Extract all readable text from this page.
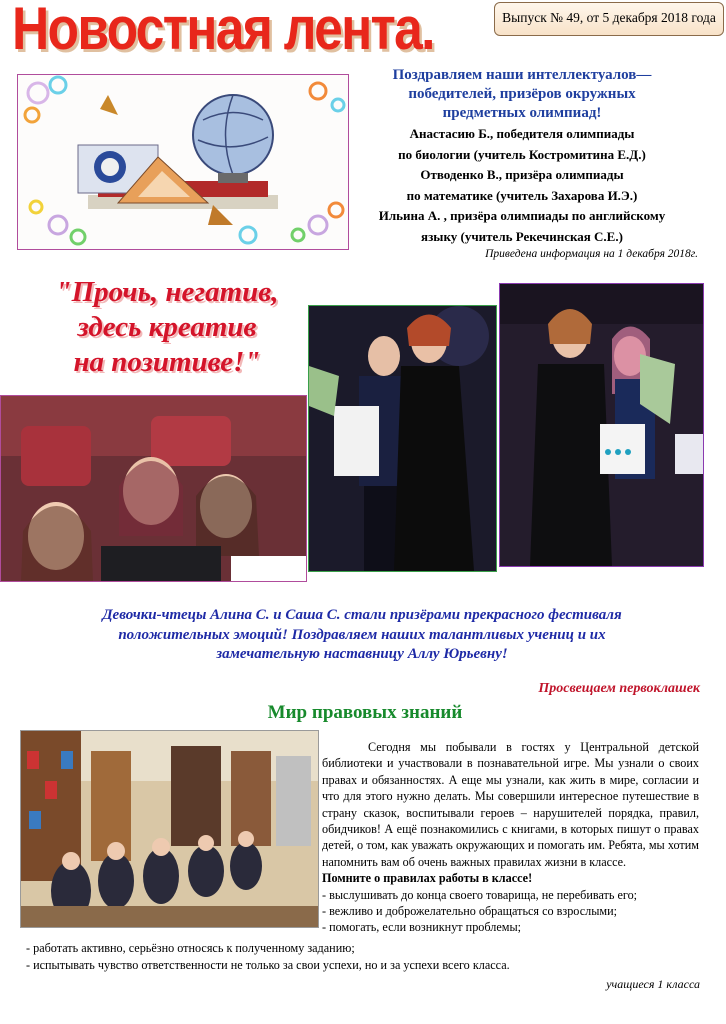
Новостная лента.	Выпуск № 49, от 5 декабря 2018 года
Поздравляем наши интеллектуалов—
победителей, призёров окружных
предметных олимпиад!
Анастасию Б., победителя олимпиады
по биологии (учитель Костромитина Е.Д.)
Отводенко В., призёра олимпиады
по математике (учитель Захарова И.Э.)
Ильина А. , призёра олимпиады по английскому
языку (учитель Рекечинская С.Е.)
Приведена информация на 1 декабря 2018г.
"Прочь, негатив,
здесь креатив
на позитиве!"
Девочки-чтецы Алина С. и Саша С. стали призёрами прекрасного фестиваля
положительных эмоций! Поздравляем наших талантливых учениц и их
замечательную наставницу Аллу Юрьевну!
Просвещаем первоклашек
Мир правовых знаний

Сегодня мы побывали в гостях у Центральной детской библиотеки и участвовали в познавательной игре. Мы узнали о своих правах и обязанностях. А еще мы узнали, как жить в мире, согласии и что для этого нужно делать. Мы совершили интересное путешествие в страну сказок, воспитывали героев – нарушителей порядка, правил, обидчиков! А ещё познакомились с книгами, в которых пишут о правах детей, о том, как уважать окружающих и помогать им. Ребята, мы хотим напомнить вам об очень важных правилах жизни в классе.

Помните о правилах работы в классе!
- выслушивать до конца своего товарища, не перебивать его;
- вежливо и доброжелательно обращаться со взрослыми;
- помогать, если возникнут проблемы;
- работать активно, серьёзно относясь к полученному заданию;
- испытывать чувство ответственности не только за свои успехи, но и за успехи всего класса.
учащиеся 1 класса
